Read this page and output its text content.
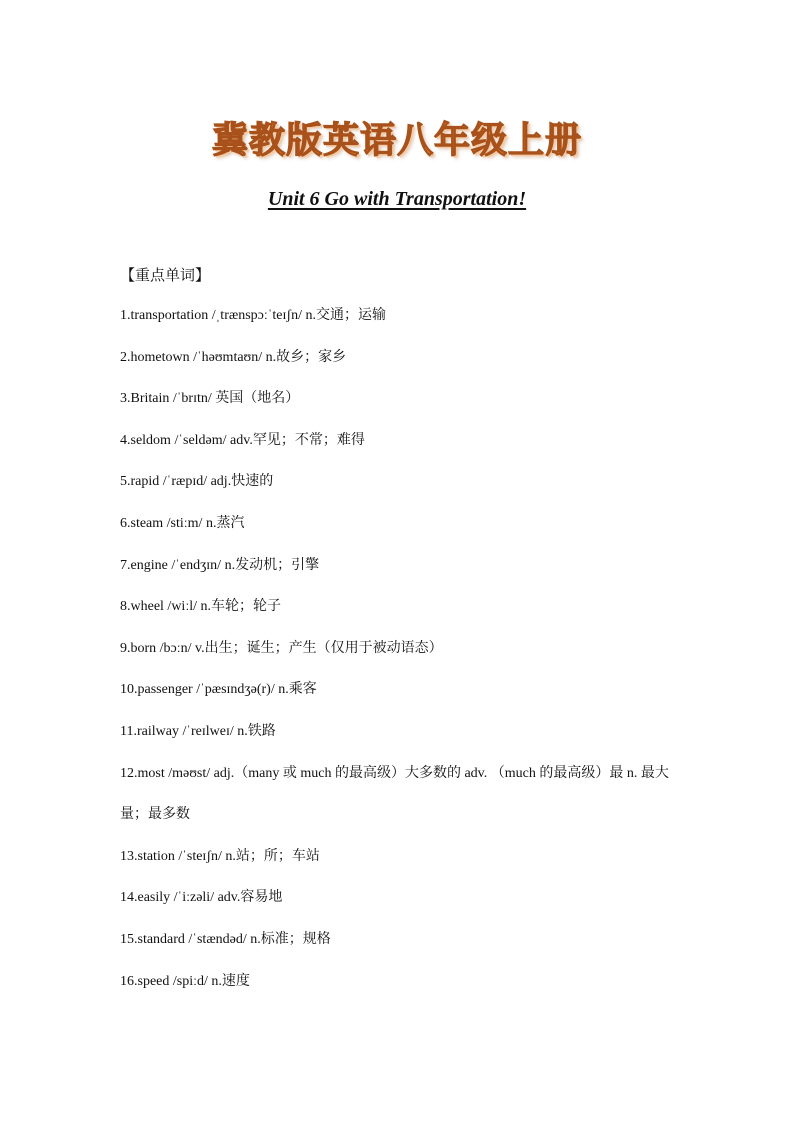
冀教版英语八年级上册
Unit 6 Go with Transportation!
【重点单词】
1.transportation /ˌtrænspɔːˈteɪʃn/ n.交通；运输
2.hometown /ˈhəʊmtaʊn/ n.故乡；家乡
3.Britain /ˈbrɪtn/ 英国（地名）
4.seldom /ˈseldəm/ adv.罕见；不常；难得
5.rapid /ˈræpɪd/ adj.快速的
6.steam /stiːm/ n.蒸汽
7.engine /ˈendʒɪn/ n.发动机；引擎
8.wheel /wiːl/ n.车轮；轮子
9.born /bɔːn/ v.出生；诞生；产生（仅用于被动语态）
10.passenger /ˈpæsɪndʒə(r)/ n.乘客
11.railway /ˈreɪlweɪ/ n.铁路
12.most /məʊst/ adj.（many 或 much 的最高级）大多数的 adv. （much 的最高级）最 n. 最大量；最多数
13.station /ˈsteɪʃn/ n.站；所；车站
14.easily /ˈiːzəli/ adv.容易地
15.standard /ˈstændəd/ n.标准；规格
16.speed /spiːd/ n.速度
